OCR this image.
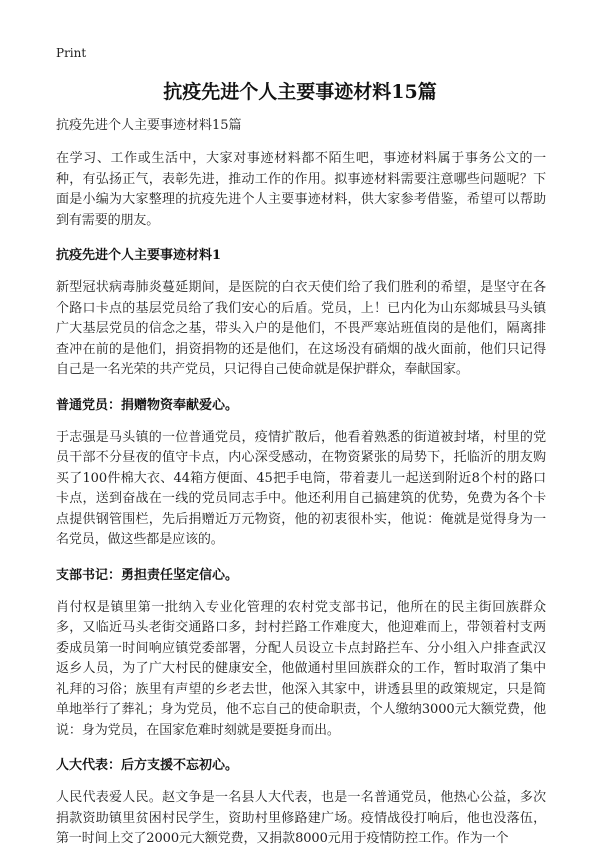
Print
抗疫先进个人主要事迹材料15篇
抗疫先进个人主要事迹材料15篇

在学习、工作或生活中，大家对事迹材料都不陌生吧，事迹材料属于事务公文的一种，有弘扬正气，表彰先进，推动工作的作用。拟事迹材料需要注意哪些问题呢？下面是小编为大家整理的抗疫先进个人主要事迹材料，供大家参考借鉴，希望可以帮助到有需要的朋友。

抗疫先进个人主要事迹材料1

新型冠状病毒肺炎蔓延期间，是医院的白衣天使们给了我们胜利的希望，是坚守在各个路口卡点的基层党员给了我们安心的后盾。党员，上！已内化为山东郯城县马头镇广大基层党员的信念之基，带头入户的是他们，不畏严寒站班值岗的是他们，隔离排查冲在前的是他们，捐资捐物的还是他们，在这场没有硝烟的战火面前，他们只记得自己是一名光荣的共产党员，只记得自己使命就是保护群众，奉献国家。

普通党员：捐赠物资奉献爱心。

于志强是马头镇的一位普通党员，疫情扩散后，他看着熟悉的街道被封堵，村里的党员干部不分昼夜的值守卡点，内心深受感动，在物资紧张的局势下，托临沂的朋友购买了100件棉大衣、44箱方便面、45把手电筒，带着妻儿一起送到附近8个村的路口卡点，送到奋战在一线的党员同志手中。他还利用自己搞建筑的优势，免费为各个卡点提供钢管围栏，先后捐赠近万元物资，他的初衷很朴实，他说：俺就是觉得身为一名党员，做这些都是应该的。

支部书记：勇担责任坚定信心。

肖付权是镇里第一批纳入专业化管理的农村党支部书记，他所在的民主街回族群众多，又临近马头老街交通路口多，封村拦路工作难度大，他迎难而上，带领着村支两委成员第一时间响应镇党委部署，分配人员设立卡点封路拦车、分小组入户排查武汉返乡人员，为了广大村民的健康安全，他做通村里回族群众的工作，暂时取消了集中礼拜的习俗；族里有声望的乡老去世，他深入其家中，讲透县里的政策规定，只是简单地举行了葬礼；身为党员，他不忘自己的使命职责，个人缴纳3000元大额党费，他说：身为党员，在国家危难时刻就是要挺身而出。

人大代表：后方支援不忘初心。

人民代表爱人民。赵文争是一名县人大代表，也是一名普通党员，他热心公益，多次捐款资助镇里贫困村民学生，资助村里修路建广场。疫情战役打响后，他也没落伍，第一时间上交了2000元大额党费，又捐款8000元用于疫情防控工作。作为一个
